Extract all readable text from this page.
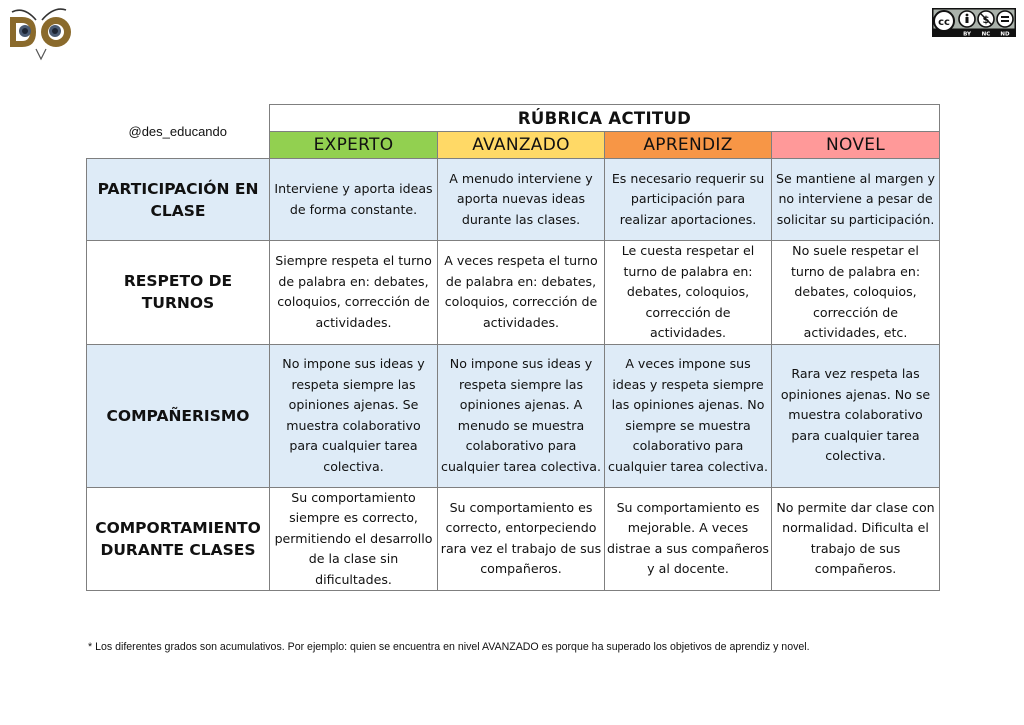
cc	$
BY NC ND
@des_educando	RÚBRICA ACTITUD			
	EXPERTO	AVANZADO	APRENDIZ	NOVEL
PARTICIPACIÓN EN CLASE	Interviene y aporta ideas de forma constante.	A menudo interviene y aporta nuevas ideas durante las clases.	Es necesario requerir su participación para realizar aportaciones.	Se mantiene al margen y no interviene a pesar de solicitar su participación.
RESPETO DE TURNOS	Siempre respeta el turno de palabra en: debates, coloquios, corrección de actividades.	A veces respeta el turno de palabra en: debates, coloquios, corrección de actividades.	Le cuesta respetar el turno de palabra en: debates, coloquios, corrección de actividades.	No suele respetar el turno de palabra en: debates, coloquios, corrección de actividades, etc.
COMPAÑERISMO	No impone sus ideas y respeta siempre las opiniones ajenas. Se muestra colaborativo para cualquier tarea colectiva.	No impone sus ideas y respeta siempre las opiniones ajenas. A menudo se muestra colaborativo para cualquier tarea colectiva.	A veces impone sus ideas y respeta siempre las opiniones ajenas. No siempre se muestra colaborativo para cualquier tarea colectiva.	Rara vez respeta las opiniones ajenas. No se muestra colaborativo para cualquier tarea colectiva.
COMPORTAMIENTO DURANTE CLASES	Su comportamiento siempre es correcto, permitiendo el desarrollo de la clase sin dificultades.	Su comportamiento es correcto, entorpeciendo rara vez el trabajo de sus compañeros.	Su comportamiento es mejorable. A veces distrae a sus compañeros y al docente.	No permite dar clase con normalidad. Dificulta el trabajo de sus compañeros.
* Los diferentes grados son acumulativos. Por ejemplo: quien se encuentra en nivel AVANZADO es porque ha superado los objetivos de aprendiz y novel.
